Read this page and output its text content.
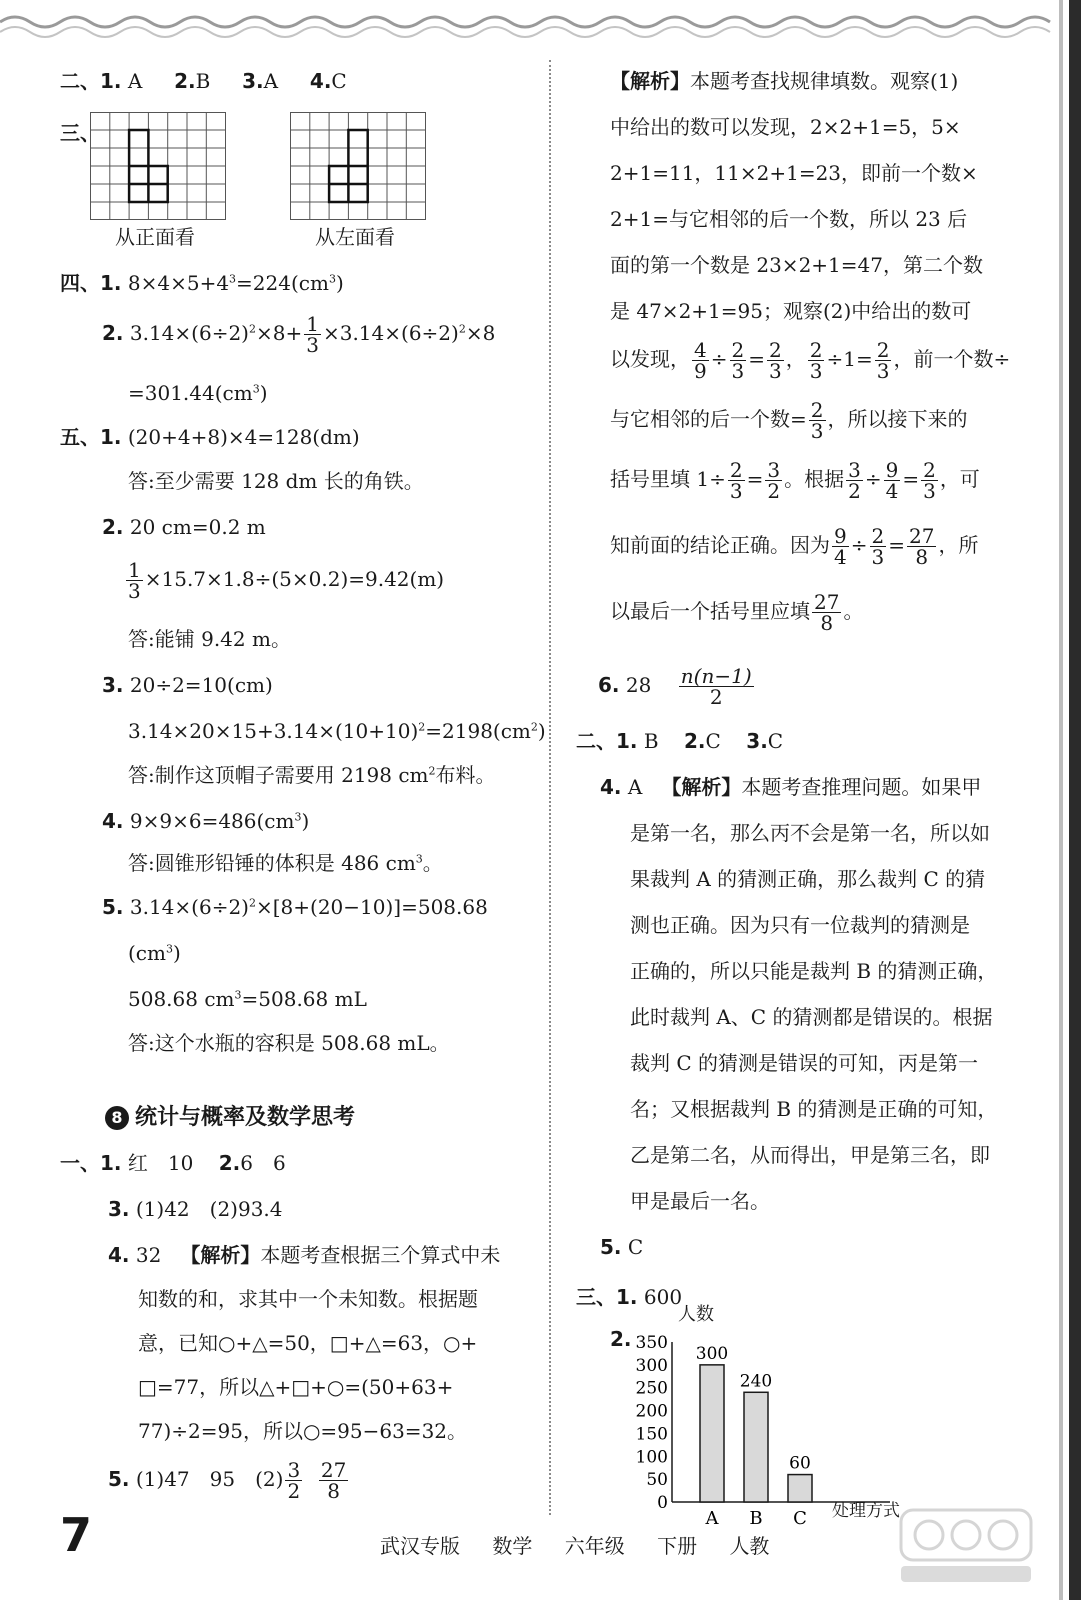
二、1. A 2.B 3.A 4.C
三、
从正面看	从左面看
四、1. $8\times 4\times 5+4^3=224(cm^3)$
2. $3.14\times(6\div 2)^2\times 8+ \frac{1}{3} \times 3.14\times(6\div 2)^2\times 8$
$=301.44(cm^3)$
五、1. (20+4+8)×4=128(dm)
答:至少需要 128 dm 长的角铁。
2. 20 cm=0.2 m
$\frac{1}{3} \times 15.7\times 1.8\div(5\times 0.2)=9.42(m)$
答:能铺 9.42 m。
3. 20÷2=10(cm)
$3.14\times 20\times 15+3.14\times(10+10)^2=2198(cm^2)$
答:制作这顶帽子需要用 2198 $cm^2$布料。
4. $9\times 9\times 6=486(cm^3)$
答:圆锥形铅锤的体积是 486 $cm^3$。
5. $3.14\times(6\div 2)^2\times[8+(20-10)]=508.68$
$(cm^3)$
508.68 $cm^3=508.68$ mL
答:这个水瓶的容积是 508.68 mL。
一、1. 红　10 2.6　6
3. (1)42　(2)93.4
4. 32 【解析】本题考查根据三个算式中未
知数的和，求其中一个未知数。根据题
意，已知○+△=50，□+△=63，○+
□=77，所以△+□+○=(50+63+
77)÷2=95，所以○=95−63=32。
5. (1)47　95　$(2) \frac{3}{2}$
$\frac{27}{8}$
8 统计与概率及数学思考
【解析】本题考查找规律填数。观察(1)
中给出的数可以发现，2×2+1=5，5×
2+1=11，11×2+1=23，即前一个数×
2+1=与它相邻的后一个数，所以 23 后
面的第一个数是 23×2+1=47，第二个数
是 47×2+1=95；观察(2)中给出的数可
以发现， $\frac{4}{9} \div \frac{2}{3} = \frac{2}{3}$ ， $\frac{2}{3} \div 1= \frac{2}{3}$ ，前一个数÷
与它相邻的后一个数= $\frac{2}{3}$ ，所以接下来的
括号里填 $1\div \frac{2}{3} = \frac{3}{2}$ 。根据 $\frac{3}{2} \div \frac{9}{4} = \frac{2}{3}$ ，可
知前面的结论正确。因为 $\frac{9}{4} \div \frac{2}{3} = \frac{27}{8}$ ，所
以最后一个括号里应填 $\frac{27}{8}$ 。
6. $28 \frac{n(n-1)}{2}$
二、1. B 2.C 3.C
4. A 【解析】本题考查推理问题。如果甲
是第一名，那么丙不会是第一名，所以如
果裁判 A 的猜测正确，那么裁判 C 的猜
测也正确。因为只有一位裁判的猜测是
正确的，所以只能是裁判 B 的猜测正确，
此时裁判 A、C 的猜测都是错误的。根据
裁判 C 的猜测是错误的可知，丙是第一
名；又根据裁判 B 的猜测是正确的可知，
乙是第二名，从而得出，甲是第三名，即
甲是最后一名。
5. C
三、1. 600
2.
人数
处理方式
0
50
100
150
200
250
300
350
300
A
240
B
60
C
7	武汉专版 数学 六年级 下册 人教
